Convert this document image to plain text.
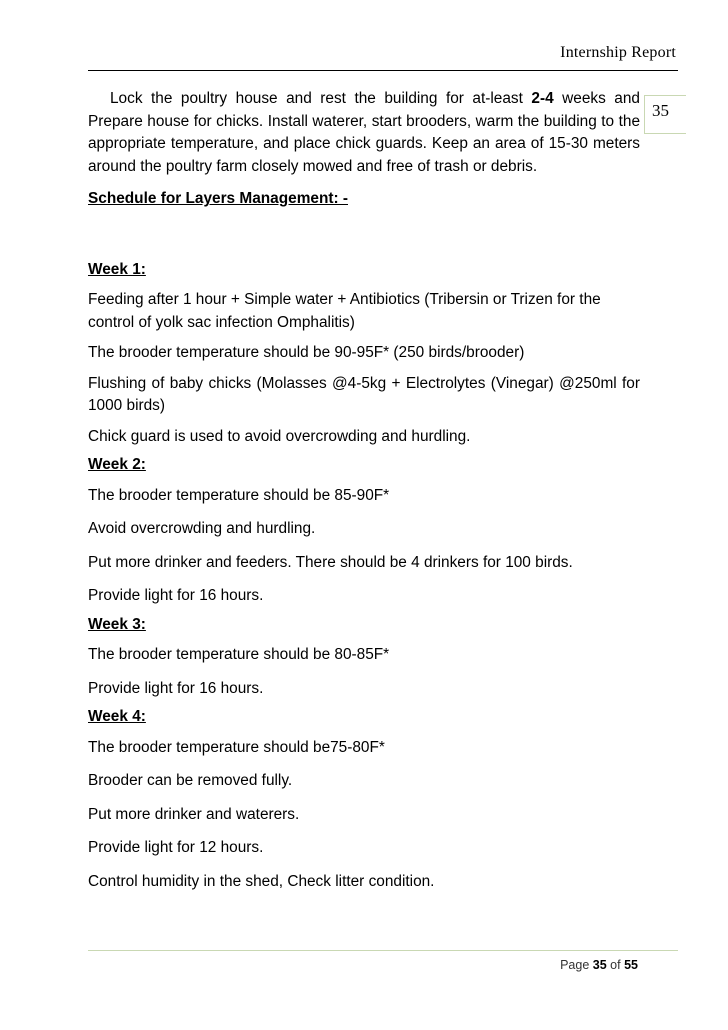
Internship Report
35

Lock the poultry house and rest the building for at-least 2-4 weeks and Prepare house for chicks. Install waterer, start brooders, warm the building to the appropriate temperature, and place chick guards. Keep an area of 15-30 meters around the poultry farm closely mowed and free of trash or debris.

Schedule for Layers Management: -

Week 1:

Feeding after 1 hour + Simple water + Antibiotics (Tribersin or Trizen for the control of yolk sac infection Omphalitis)

The brooder temperature should be 90-95F* (250 birds/brooder)

Flushing of baby chicks (Molasses @4-5kg + Electrolytes (Vinegar) @250ml for 1000 birds)

Chick guard is used to avoid overcrowding and hurdling.

Week 2:

The brooder temperature should be 85-90F*

Avoid overcrowding and hurdling.

Put more drinker and feeders. There should be 4 drinkers for 100 birds.

Provide light for 16 hours.

Week 3:

The brooder temperature should be 80-85F*

Provide light for 16 hours.

Week 4:

The brooder temperature should be75-80F*

Brooder can be removed fully.

Put more drinker and waterers.

Provide light for 12 hours.

Control humidity in the shed, Check litter condition.

Page 35 of 55
